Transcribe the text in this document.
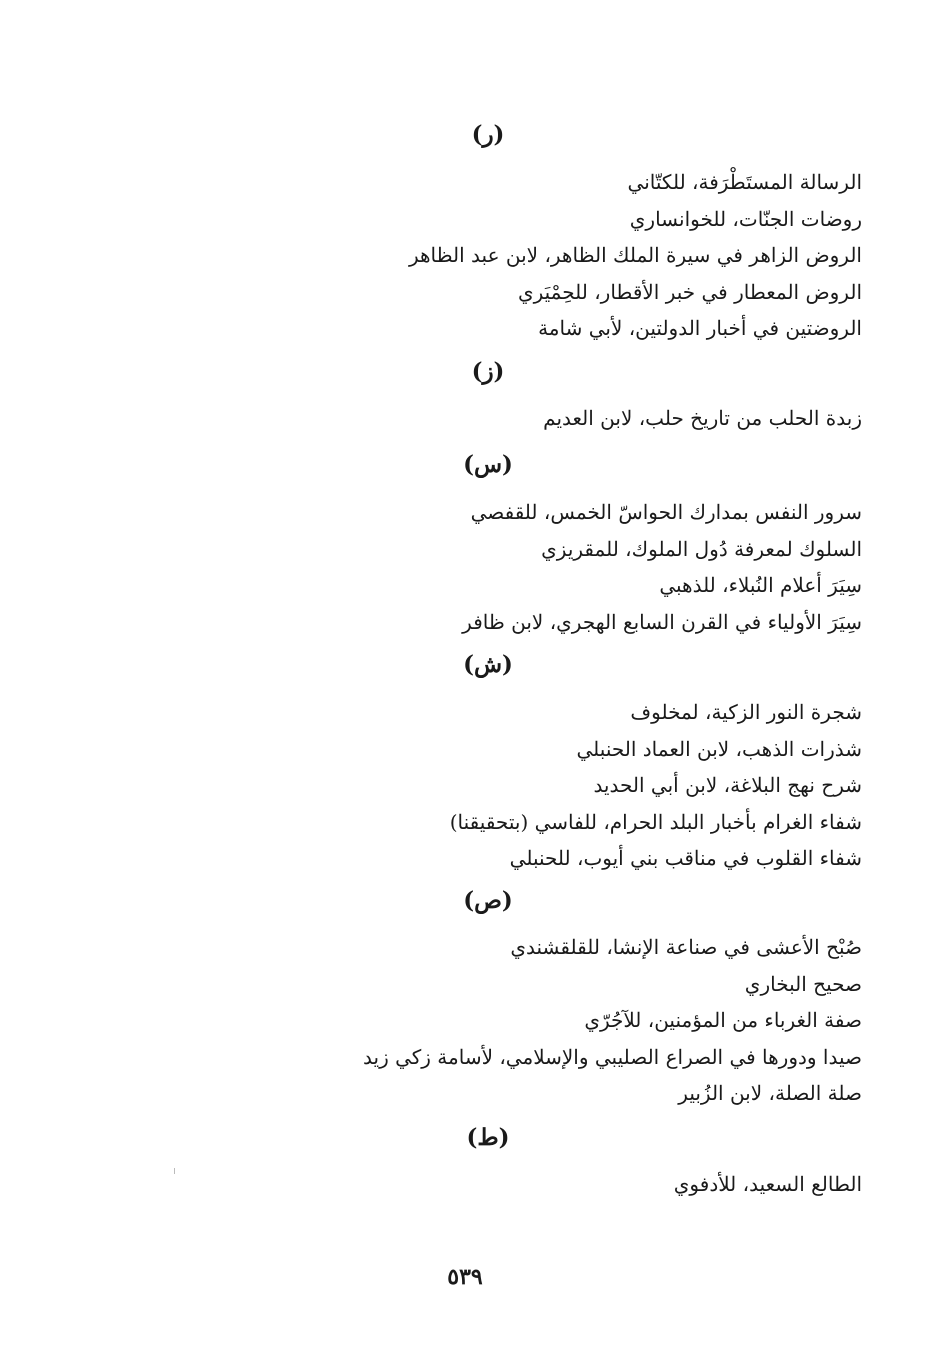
(ر)
الرسالة المستَطْرَفة، للكتّاني
روضات الجنّات، للخوانساري
الروض الزاهر في سيرة الملك الظاهر، لابن عبد الظاهر
الروض المعطار في خبر الأقطار، للحِمْيَري
الروضتين في أخبار الدولتين، لأبي شامة
(ز)
زبدة الحلب من تاريخ حلب، لابن العديم
(س)
سرور النفس بمدارك الحواسّ الخمس، للقفصي
السلوك لمعرفة دُول الملوك، للمقريزي
سِيَرَ أعلام النُبلاء، للذهبي
سِيَرَ الأولياء في القرن السابع الهجري، لابن ظافر
(ش)
شجرة النور الزكية، لمخلوف
شذرات الذهب، لابن العماد الحنبلي
شرح نهج البلاغة، لابن أبي الحديد
شفاء الغرام بأخبار البلد الحرام، للفاسي (بتحقيقنا)
شفاء القلوب في مناقب بني أيوب، للحنبلي
(ص)
صُبْح الأعشى في صناعة الإنشا، للقلقشندي
صحيح البخاري
صفة الغرباء من المؤمنين، للآجُرّي
صيدا ودورها في الصراع الصليبي والإسلامي، لأسامة زكي زيد
صلة الصلة، لابن الزُبير
(ط)
الطالع السعيد، للأدفوي
٥٣٩
